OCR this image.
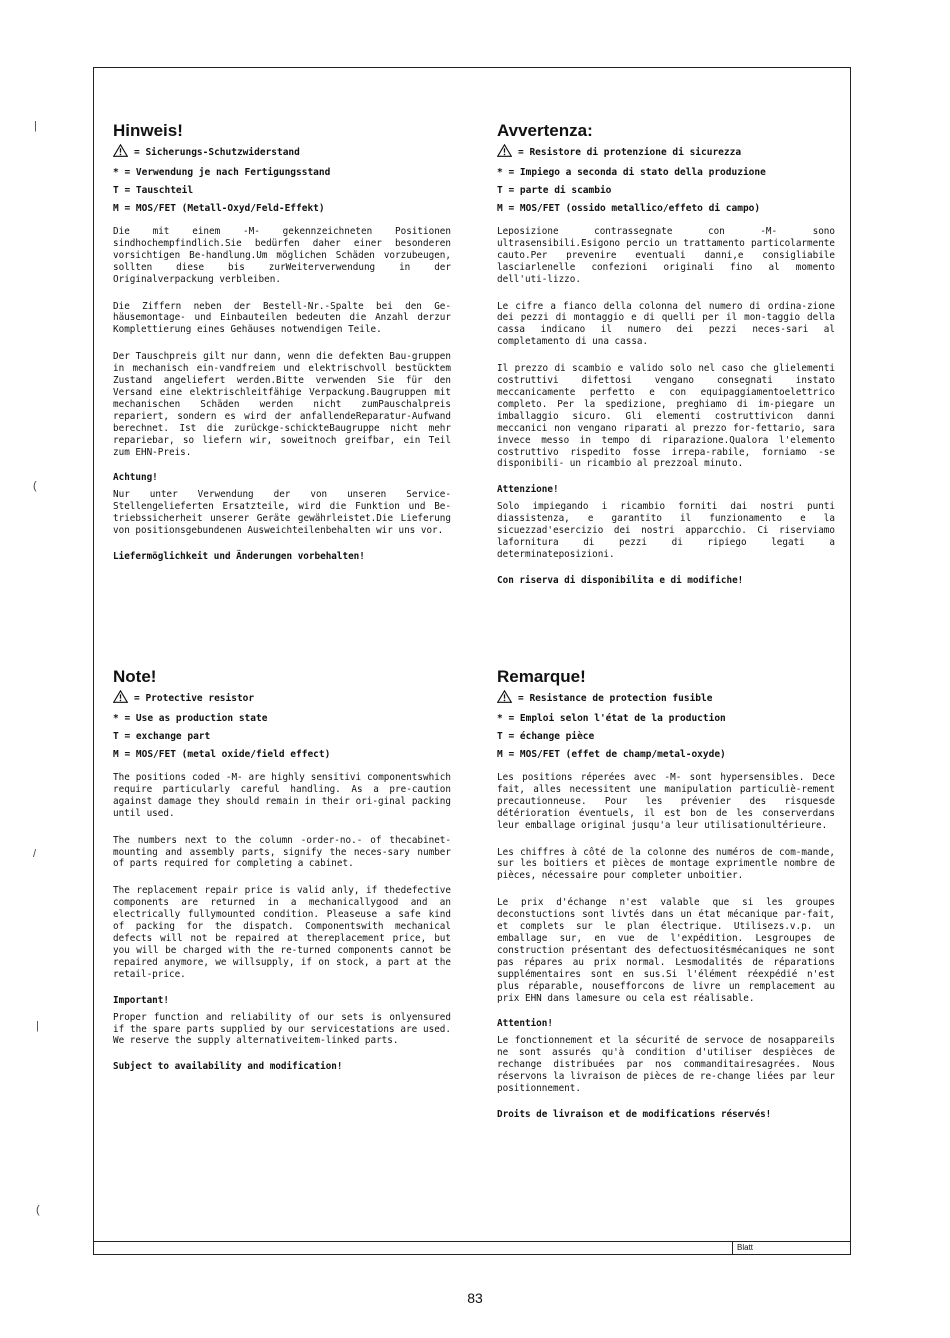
Blatt
83
|
(
/
|
(
Hinweis!
= Sicherungs-Schutzwiderstand
* = Verwendung je nach Fertigungsstand
T = Tauschteil
M = MOS/FET (Metall-Oxyd/Feld-Effekt)
Die mit einem -M- gekennzeichneten Positionen sindhochempfindlich.Sie bedürfen daher einer besonderen vorsichtigen Be-handlung.Um möglichen Schäden vorzubeugen, sollten diese bis zurWeiterverwendung in der Originalverpackung verbleiben.
Die Ziffern neben der Bestell-Nr.-Spalte bei den Ge-häusemontage- und Einbauteilen bedeuten die Anzahl derzur Komplettierung eines Gehäuses notwendigen Teile.
Der Tauschpreis gilt nur dann, wenn die defekten Bau-gruppen in mechanisch ein-vandfreiem und elektrischvoll bestücktem Zustand angeliefert werden.Bitte verwenden Sie für den Versand eine elektrischleitfähige Verpackung.Baugruppen mit mechanischen Schäden werden nicht zumPauschalpreis repariert, sondern es wird der anfallendeReparatur-Aufwand berechnet. Ist die zurückge-schickteBaugruppe nicht mehr repariebar, so liefern wir, soweitnoch greifbar, ein Teil zum EHN-Preis.
Achtung!
Nur unter Verwendung der von unseren Service-Stellengelieferten Ersatzteile, wird die Funktion und Be-triebssicherheit unserer Geräte gewährleistet.Die Lieferung von positionsgebundenen Ausweichteilenbehalten wir uns vor.
Liefermöglichkeit und Änderungen vorbehalten!
Avvertenza:
= Resistore di protenzione di sicurezza
* = Impiego a seconda di stato della produzione
T = parte di scambio
M = MOS/FET (ossido metallico/effeto di campo)
Leposizione contrassegnate con -M- sono ultrasensibili.Esigono percio un trattamento particolarmente cauto.Per prevenire eventuali danni,e consigliabile lasciarlenelle confezioni originali fino al momento dell'uti-lizzo.
Le cifre a fianco della colonna del numero di ordina-zione dei pezzi di montaggio e di quelli per il mon-taggio della cassa indicano il numero dei pezzi neces-sari al completamento di una cassa.
Il prezzo di scambio e valido solo nel caso che glielementi costruttivi difettosi vengano consegnati instato meccanicamente perfetto e con equipaggiamentoelettrico completo. Per la spedizione, preghiamo di im-piegare un imballaggio sicuro. Gli elementi costruttivicon danni meccanici non vengano riparati al prezzo for-fettario, sara invece messo in tempo di riparazione.Qualora l'elemento costruttivo rispedito fosse irrepa-rabile, forniamo -se disponibili- un ricambio al prezzoal minuto.
Attenzione!
Solo impiegando i ricambio forniti dai nostri punti diassistenza, e garantito il funzionamento e la sicuezzad'esercizio dei nostri apparcchio. Ci riserviamo lafornitura di pezzi di ripiego legati a determinateposizioni.
Con riserva di disponibilita e di modifiche!
Note!
= Protective resistor
* = Use as production state
T = exchange part
M = MOS/FET (metal oxide/field effect)
The positions coded -M- are highly sensitivi componentswhich require particularly careful handling. As a pre-caution against damage they should remain in their ori-ginal packing until used.
The numbers next to the column -order-no.- of thecabinet-mounting and assembly parts, signify the neces-sary number of parts required for completing a cabinet.
The replacement repair price is valid anly, if thedefective components are returned in a mechanicallygood and an electrically fullymounted condition. Pleaseuse a safe kind of packing for the dispatch. Componentswith mechanical defects will not be repaired at thereplacement price, but you will be charged with the re-turned components cannot be repaired anymore, we willsupply, if on stock, a part at the retail-price.
Important!
Proper function and reliability of our sets is onlyensured if the spare parts supplied by our servicestations are used. We reserve the supply alternativeitem-linked parts.
Subject to availability and modification!
Remarque!
= Resistance de protection fusible
* = Emploi selon l'état de la production
T = échange pièce
M = MOS/FET (effet de champ/metal-oxyde)
Les positions réperées avec -M- sont hypersensibles. Dece fait, alles necessitent une manipulation particuliè-rement precautionneuse. Pour les prévenier des risquesde détérioration éventuels, il est bon de les conserverdans leur emballage original jusqu'a leur utilisationultérieure.
Les chiffres à côté de la colonne des numéros de com-mande, sur les boitiers et pièces de montage exprimentle nombre de pièces, nécessaire pour completer unboitier.
Le prix d'échange n'est valable que si les groupes deconstuctions sont livtés dans un état mécanique par-fait, et complets sur le plan électrique. Utilisezs.v.p. un emballage sur, en vue de l'expédition. Lesgroupes de construction présentant des defectuositésmécaniques ne sont pas répares au prix normal. Lesmodalités de réparations supplémentaires sont en sus.Si l'élément réexpédié n'est plus réparable, nousefforcons de livre un remplacement au prix EHN dans lamesure ou cela est réalisable.
Attention!
Le fonctionnement et la sécurité de servoce de nosappareils ne sont assurés qu'à condition d'utiliser despièces de rechange distribuées par nos commanditairesagrées. Nous réservons la livraison de pièces de re-change liées par leur positionnement.
Droits de livraison et de modifications réservés!
